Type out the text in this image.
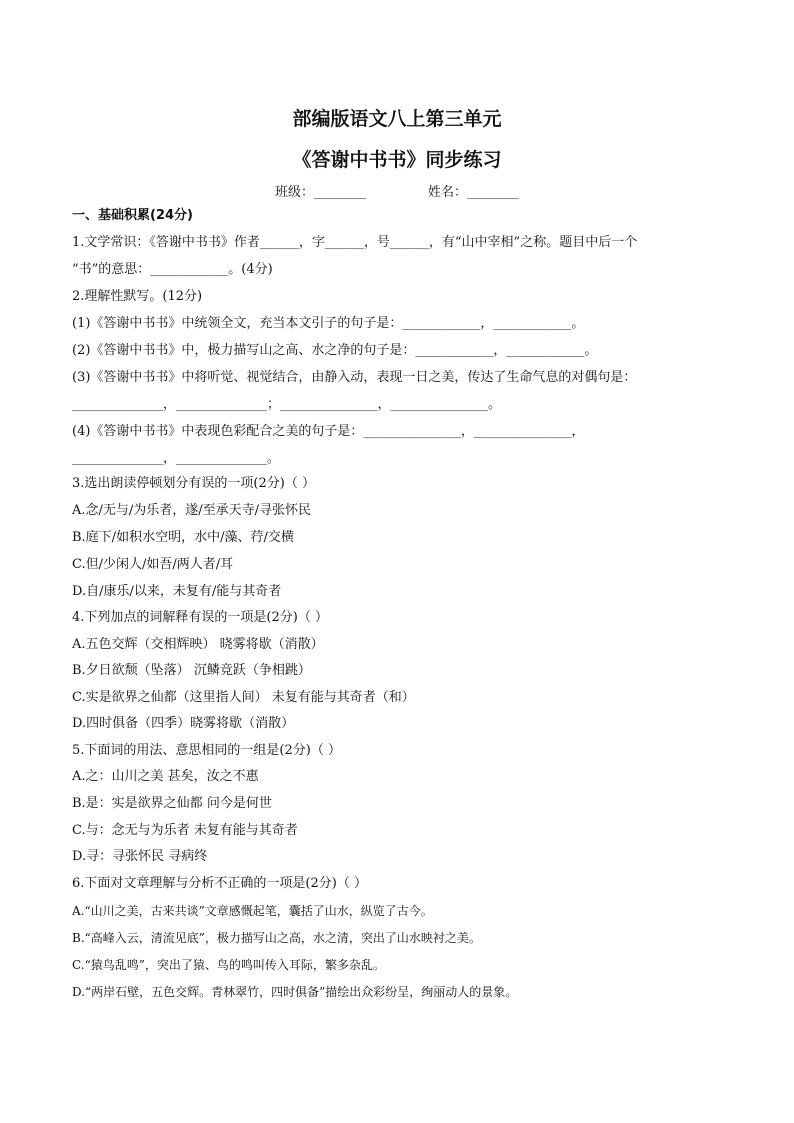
部编版语文八上第三单元
《答谢中书书》同步练习
班级：________               姓名：________
一、基础积累(24分)
1.文学常识：《答谢中书书》作者______，字______，号______，有“山中宰相”之称。题目中后一个
“书”的意思：____________。(4分)
2.理解性默写。(12分)
(1)《答谢中书书》中统领全文，充当本文引子的句子是：____________，____________。
(2)《答谢中书书》中，极力描写山之高、水之净的句子是：____________，____________。
(3)《答谢中书书》中将听觉、视觉结合，由静入动，表现一日之美，传达了生命气息的对偶句是：
______________，______________；_______________，_______________。
(4)《答谢中书书》中表现色彩配合之美的句子是：_______________，_______________，
______________，______________。
3.选出朗读停顿划分有误的一项(2分)（ ）
A.念/无与/为乐者，遂/至承天寺/寻张怀民
B.庭下/如积水空明，水中/藻、荇/交横
C.但/少闲人/如吾/两人者/耳
D.自/康乐/以来，未复有/能与其奇者
4.下列加点的词解释有误的一项是(2分)（ ）
A.五色交辉（交相辉映） 晓雾将歇（消散）
B.夕日欲颓（坠落） 沉鳞竞跃（争相跳）
C.实是欲界之仙都（这里指人间） 未复有能与其奇者（和）
D.四时俱备（四季）晓雾将歇（消散）
5.下面词的用法、意思相同的一组是(2分)（ ）
A.之：山川之美 甚矣，汝之不惠
B.是：实是欲界之仙都 问今是何世
C.与：念无与为乐者 未复有能与其奇者
D.寻：寻张怀民 寻病终
6.下面对文章理解与分析不正确的一项是(2分)（ ）
A.“山川之美，古来共谈”文章感慨起笔，囊括了山水，纵览了古今。
B.“高峰入云，清流见底”，极力描写山之高，水之清，突出了山水映衬之美。
C.“猿鸟乱鸣”，突出了猿、鸟的鸣叫传入耳际，繁多杂乱。
D.“两岸石壁，五色交辉。青林翠竹，四时俱备”描绘出众彩纷呈，绚丽动人的景象。
